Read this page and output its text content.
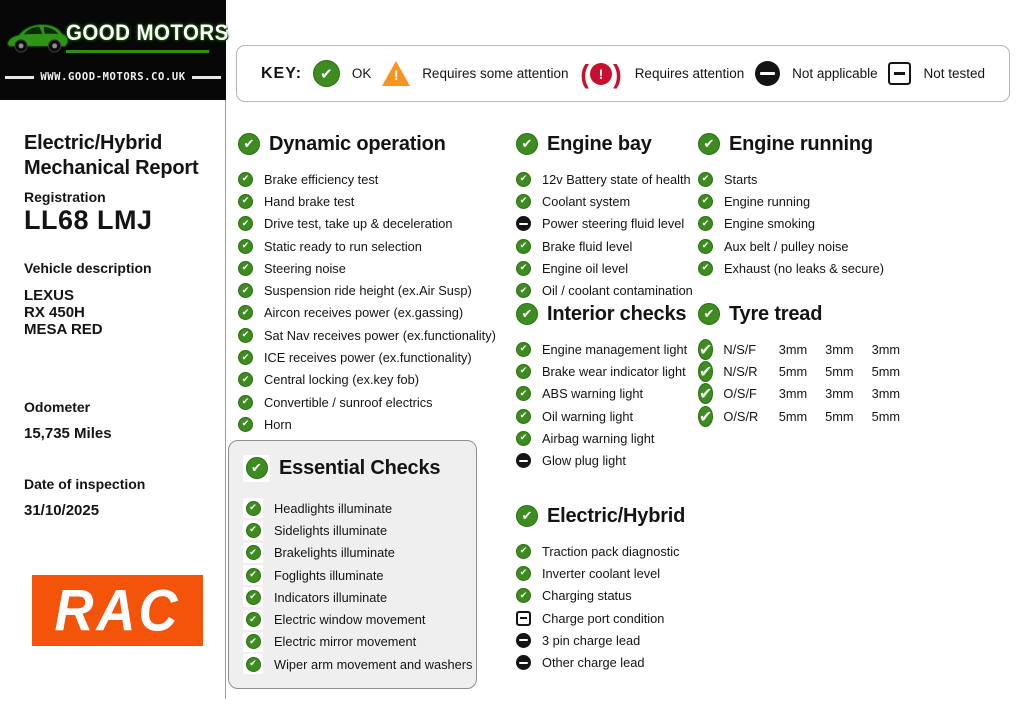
GOOD MOTORS
WWW.GOOD-MOTORS.CO.UK	KEY: ✔	OK !	Requires some attention ( ! ) Requires attention	Not applicable	Not tested
Electric/Hybrid
Mechanical Report
Registration
LL68 LMJ
Vehicle description
LEXUS
RX 450H
MESA RED
Odometer
15,735 Miles
Date of inspection
31/10/2025
RAC
✔
Dynamic operation
✔
Brake efficiency test
✔
Hand brake test
✔
Drive test, take up & deceleration
✔
Static ready to run selection
✔
Steering noise
✔
Suspension ride height (ex.Air Susp)
✔
Aircon receives power (ex.gassing)
✔
Sat Nav receives power (ex.functionality)
✔
ICE receives power (ex.functionality)
✔
Central locking (ex.key fob)
✔
Convertible / sunroof electrics
✔
Horn
✔
Essential Checks
✔
Headlights illuminate
✔
Sidelights illuminate
✔
Brakelights illuminate
✔
Foglights illuminate
✔
Indicators illuminate
✔
Electric window movement
✔
Electric mirror movement
✔
Wiper arm movement and washers
✔
Engine bay
✔
12v Battery state of health
✔
Coolant system
Power steering fluid level
✔
Brake fluid level
✔
Engine oil level
✔
Oil / coolant contamination
✔
Interior checks
✔
Engine management light
✔
Brake wear indicator light
✔
ABS warning light
✔
Oil warning light
✔
Airbag warning light
Glow plug light
✔
Electric/Hybrid
✔
Traction pack diagnostic
✔
Inverter coolant level
✔
Charging status
Charge port condition
3 pin charge lead
Other charge lead
✔
Engine running
✔
Starts
✔
Engine running
✔
Engine smoking
✔
Aux belt / pulley noise
✔
Exhaust (no leaks & secure)
✔
Tyre tread
✔
N/S/F	3mm	3mm	3mm
✔
N/S/R	5mm	5mm	5mm
✔
O/S/F	3mm	3mm	3mm
✔
O/S/R	5mm	5mm	5mm
